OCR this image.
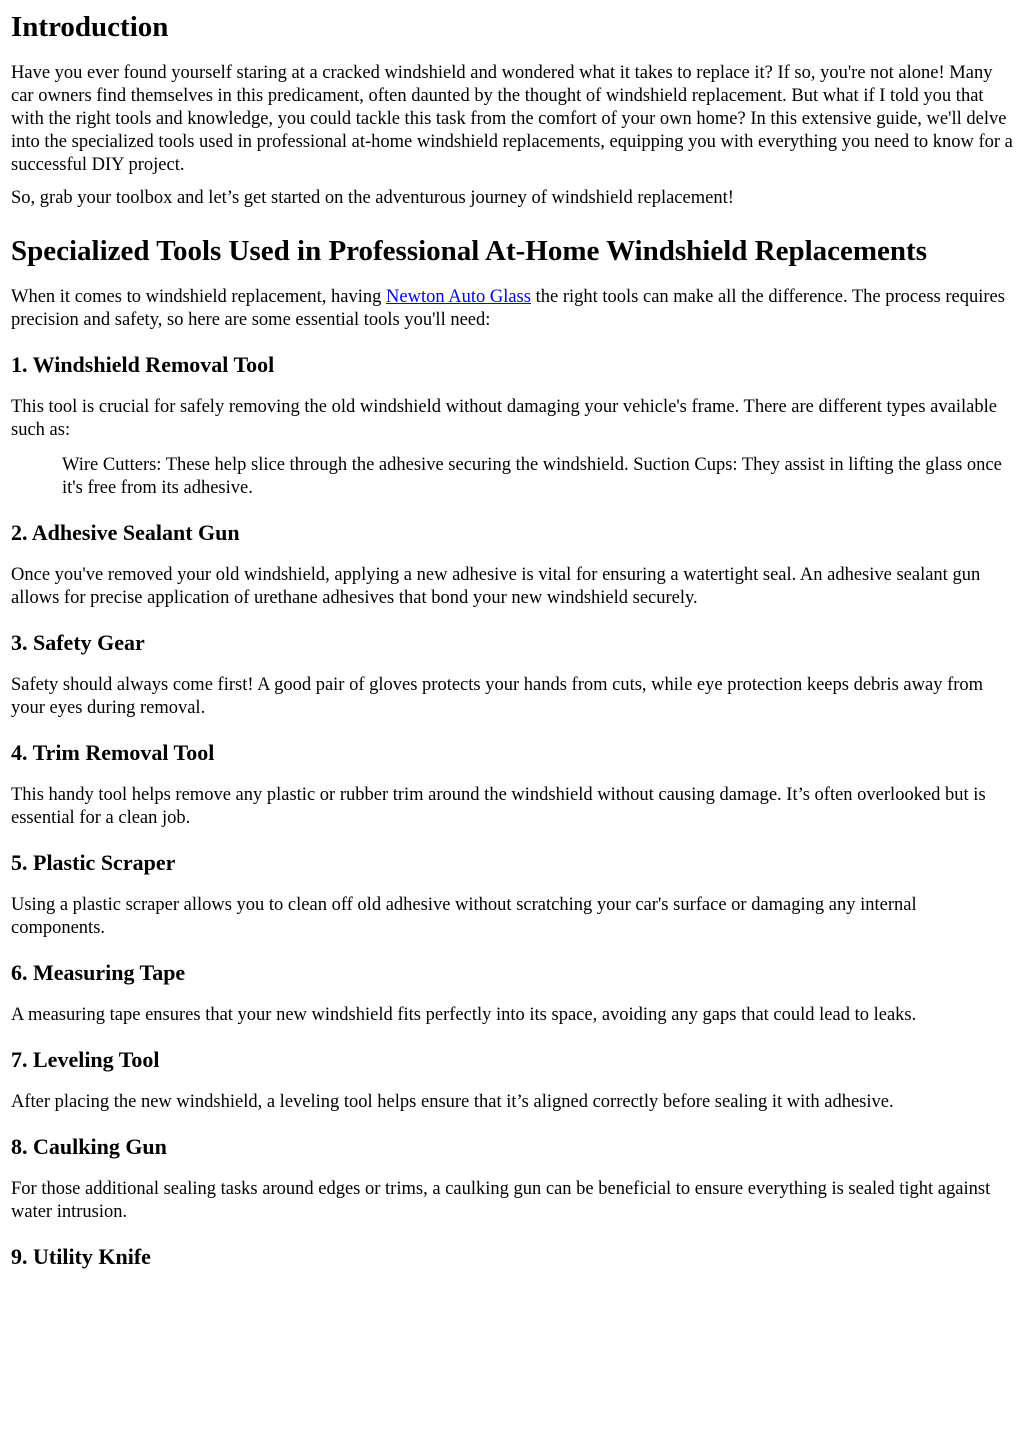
Introduction

Have you ever found yourself staring at a cracked windshield and wondered what it takes to replace it? If so, you're not alone! Many car owners find themselves in this predicament, often daunted by the thought of windshield replacement. But what if I told you that with the right tools and knowledge, you could tackle this task from the comfort of your own home? In this extensive guide, we'll delve into the specialized tools used in professional at-home windshield replacements, equipping you with everything you need to know for a successful DIY project.

So, grab your toolbox and let’s get started on the adventurous journey of windshield replacement!

Specialized Tools Used in Professional At-Home Windshield Replacements

When it comes to windshield replacement, having Newton Auto Glass the right tools can make all the difference. The process requires precision and safety, so here are some essential tools you'll need:

1. Windshield Removal Tool

This tool is crucial for safely removing the old windshield without damaging your vehicle's frame. There are different types available such as:

Wire Cutters: These help slice through the adhesive securing the windshield. Suction Cups: They assist in lifting the glass once it's free from its adhesive.
2. Adhesive Sealant Gun

Once you've removed your old windshield, applying a new adhesive is vital for ensuring a watertight seal. An adhesive sealant gun allows for precise application of urethane adhesives that bond your new windshield securely.

3. Safety Gear

Safety should always come first! A good pair of gloves protects your hands from cuts, while eye protection keeps debris away from your eyes during removal.

4. Trim Removal Tool

This handy tool helps remove any plastic or rubber trim around the windshield without causing damage. It’s often overlooked but is essential for a clean job.

5. Plastic Scraper

Using a plastic scraper allows you to clean off old adhesive without scratching your car's surface or damaging any internal components.

6. Measuring Tape

A measuring tape ensures that your new windshield fits perfectly into its space, avoiding any gaps that could lead to leaks.

7. Leveling Tool

After placing the new windshield, a leveling tool helps ensure that it’s aligned correctly before sealing it with adhesive.

8. Caulking Gun

For those additional sealing tasks around edges or trims, a caulking gun can be beneficial to ensure everything is sealed tight against water intrusion.

9. Utility Knife
